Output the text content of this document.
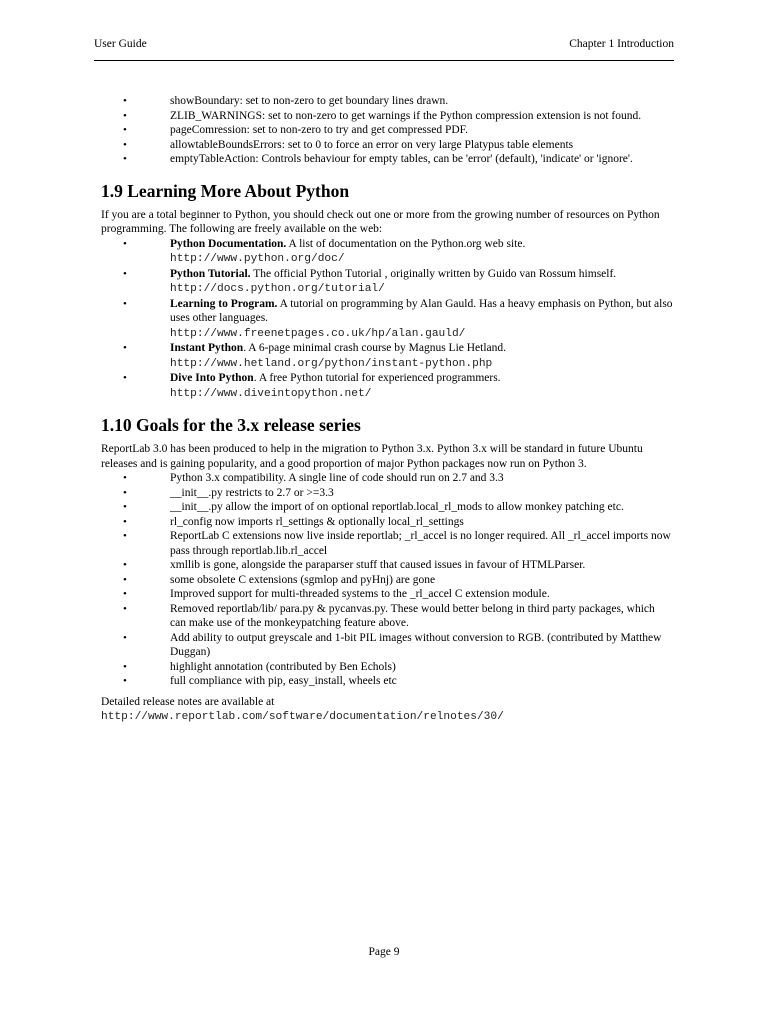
User Guide	Chapter 1 Introduction
•	showBoundary: set to non-zero to get boundary lines drawn.
•	ZLIB_WARNINGS: set to non-zero to get warnings if the Python compression extension is not found.
•	pageComression: set to non-zero to try and get compressed PDF.
•	allowtableBoundsErrors: set to 0 to force an error on very large Platypus table elements
•	emptyTableAction: Controls behaviour for empty tables, can be 'error' (default), 'indicate' or 'ignore'.
1.9 Learning More About Python

If you are a total beginner to Python, you should check out one or more from the growing number of resources on Python programming. The following are freely available on the web:

•	Python Documentation. A list of documentation on the Python.org web site.
http://www.python.org/doc/
•	Python Tutorial. The official Python Tutorial , originally written by Guido van Rossum himself.
http://docs.python.org/tutorial/
•	Learning to Program. A tutorial on programming by Alan Gauld. Has a heavy emphasis on Python, but also uses other languages.
http://www.freenetpages.co.uk/hp/alan.gauld/
•	Instant Python. A 6-page minimal crash course by Magnus Lie Hetland.
http://www.hetland.org/python/instant-python.php
•	Dive Into Python. A free Python tutorial for experienced programmers.
http://www.diveintopython.net/
1.10 Goals for the 3.x release series

ReportLab 3.0 has been produced to help in the migration to Python 3.x. Python 3.x will be standard in future Ubuntu releases and is gaining popularity, and a good proportion of major Python packages now run on Python 3.

•	Python 3.x compatibility. A single line of code should run on 2.7 and 3.3
•	__init__.py restricts to 2.7 or >=3.3
•	__init__.py allow the import of on optional reportlab.local_rl_mods to allow monkey patching etc.
•	rl_config now imports rl_settings & optionally local_rl_settings
•	ReportLab C extensions now live inside reportlab; _rl_accel is no longer required. All _rl_accel imports now pass through reportlab.lib.rl_accel
•	xmllib is gone, alongside the paraparser stuff that caused issues in favour of HTMLParser.
•	some obsolete C extensions (sgmlop and pyHnj) are gone
•	Improved support for multi-threaded systems to the _rl_accel C extension module.
•	Removed reportlab/lib/ para.py & pycanvas.py. These would better belong in third party packages, which can make use of the monkeypatching feature above.
•	Add ability to output greyscale and 1-bit PIL images without conversion to RGB. (contributed by Matthew Duggan)
•	highlight annotation (contributed by Ben Echols)
•	full compliance with pip, easy_install, wheels etc

Detailed release notes are available at

http://www.reportlab.com/software/documentation/relnotes/30/

Page 9
